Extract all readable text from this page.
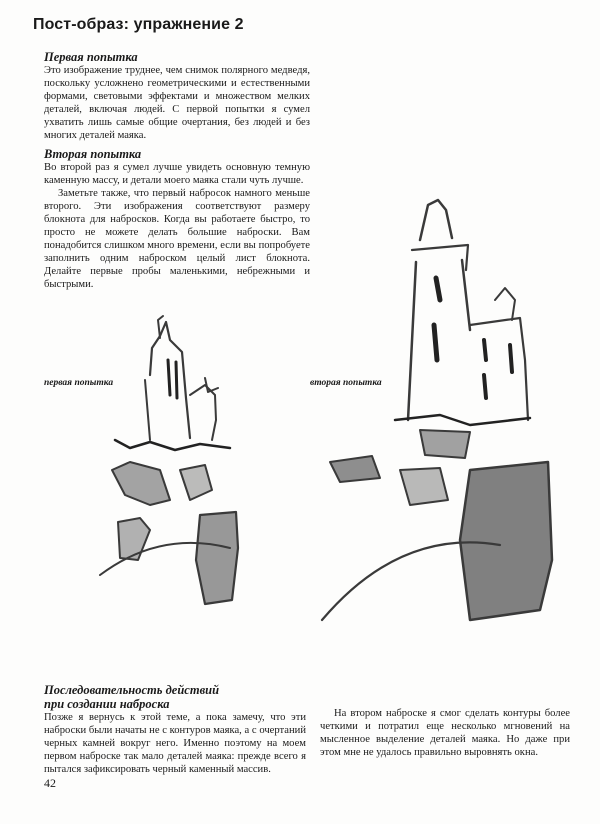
Пост-образ: упражнение 2
Первая попытка

Это изображение труднее, чем снимок полярного медведя, поскольку усложнено геометрическими и естественными формами, световыми эффектами и множеством мелких деталей, включая людей. С первой попытки я сумел ухватить лишь самые общие очертания, без людей и без многих деталей маяка.

Вторая попытка

Во второй раз я сумел лучше увидеть основную темную каменную массу, и детали моего маяка стали чуть лучше.

Заметьте также, что первый набросок намного меньше второго. Эти изображения соответствуют размеру блокнота для набросков. Когда вы работаете быстро, то просто не можете делать большие наброски. Вам понадобится слишком много времени, если вы попробуете заполнить одним наброском целый лист блокнота. Делайте первые пробы маленькими, небрежными и быстрыми.

первая попытка	вторая попытка
Последовательность действий
при создании наброска

Позже я вернусь к этой теме, а пока замечу, что эти наброски были начаты не с контуров маяка, а с очертаний черных камней вокруг него. Именно поэтому на моем первом наброске так мало деталей маяка: прежде всего я пытался зафиксировать черный каменный массив.

На втором наброске я смог сделать контуры более четкими и потратил еще несколько мгновений на мысленное выделение деталей маяка. Но даже при этом мне не удалось правильно выровнять окна.

42
